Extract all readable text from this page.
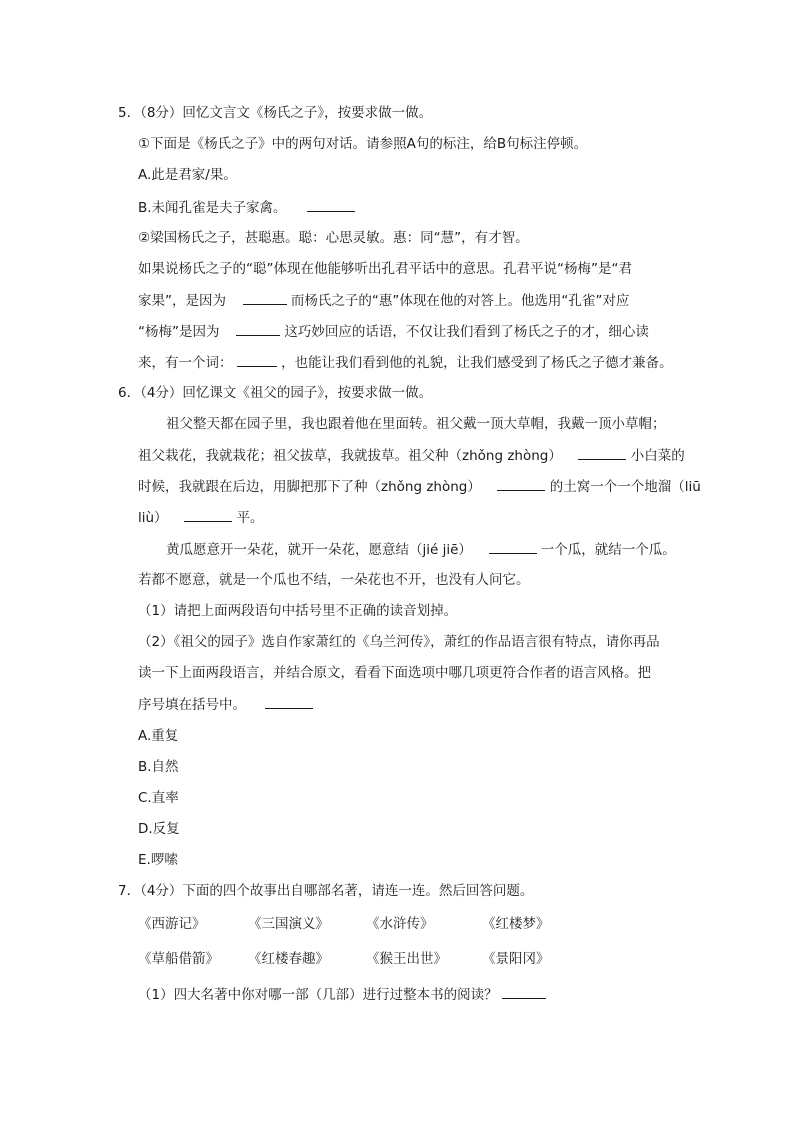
5．（8分）回忆文言文《杨氏之子》，按要求做一做。
①下面是《杨氏之子》中的两句对话。请参照A句的标注，给B句标注停顿。
A.此是君家/果。
B.未闻孔雀是夫子家禽。
②梁国杨氏之子，甚聪惠。聪：心思灵敏。惠：同“慧”，有才智。
如果说杨氏之子的“聪”体现在他能够听出孔君平话中的意思。孔君平说“杨梅”是“君
家果”，是因为	而杨氏之子的“惠”体现在他的对答上。他选用“孔雀”对应
“杨梅”是因为	这巧妙回应的话语，不仅让我们看到了杨氏之子的才，细心读
来，有一个词：	，也能让我们看到他的礼貌，让我们感受到了杨氏之子德才兼备。
6．（4分）回忆课文《祖父的园子》，按要求做一做。
祖父整天都在园子里，我也跟着他在里面转。祖父戴一顶大草帽，我戴一顶小草帽；
祖父栽花，我就栽花；祖父拔草，我就拔草。祖父种（zhǒng zhòng）	小白菜的
时候，我就跟在后边，用脚把那下了种（zhǒng zhòng）	的土窝一个一个地溜（liū
liù）	平。
黄瓜愿意开一朵花，就开一朵花，愿意结（jié jiē）	一个瓜，就结一个瓜。
若都不愿意，就是一个瓜也不结，一朵花也不开，也没有人问它。
（1）请把上面两段语句中括号里不正确的读音划掉。
（2）《祖父的园子》选自作家萧红的《乌兰河传》，萧红的作品语言很有特点，请你再品
读一下上面两段语言，并结合原文，看看下面选项中哪几项更符合作者的语言风格。把
序号填在括号中。
A.重复
B.自然
C.直率
D.反复
E.啰嗦
7．（4分）下面的四个故事出自哪部名著，请连一连。然后回答问题。
《西游记》	《三国演义》	《水浒传》	《红楼梦》
《草船借箭》 《红楼春趣》	《猴王出世》	《景阳冈》
（1）四大名著中你对哪一部（几部）进行过整本书的阅读？
